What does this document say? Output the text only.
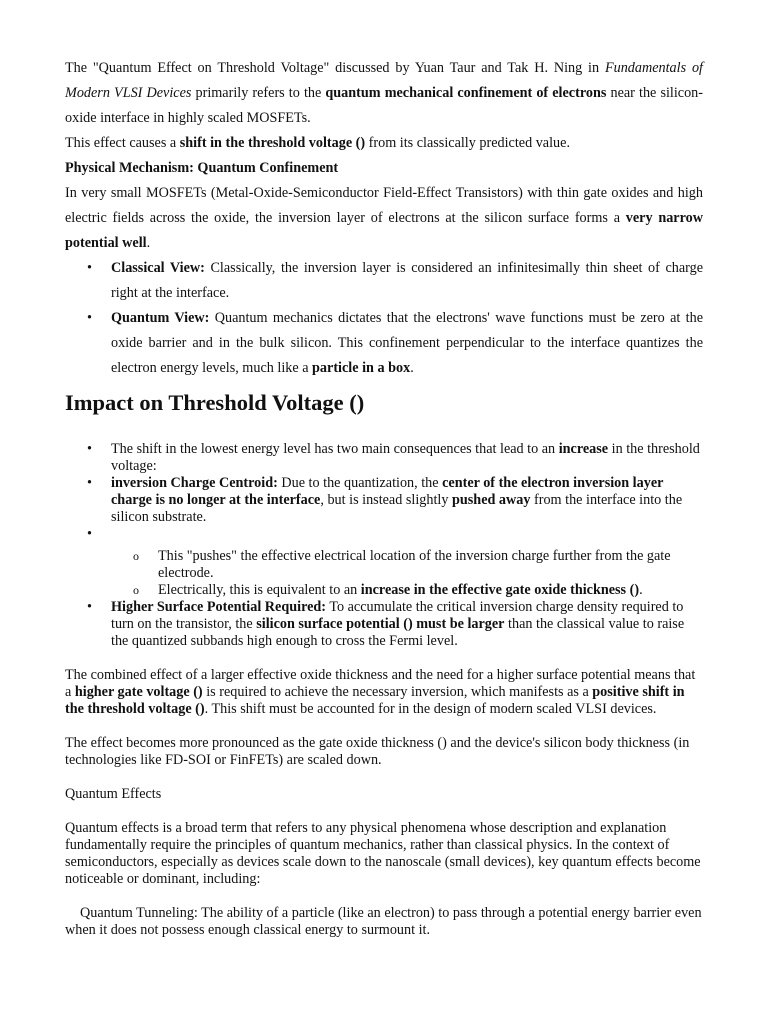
The "Quantum Effect on Threshold Voltage" discussed by Yuan Taur and Tak H. Ning in Fundamentals of Modern VLSI Devices primarily refers to the quantum mechanical confinement of electrons near the silicon-oxide interface in highly scaled MOSFETs.

This effect causes a shift in the threshold voltage () from its classically predicted value.

Physical Mechanism: Quantum Confinement

In very small MOSFETs (Metal-Oxide-Semiconductor Field-Effect Transistors) with thin gate oxides and high electric fields across the oxide, the inversion layer of electrons at the silicon surface forms a very narrow potential well.

• Classical View: Classically, the inversion layer is considered an infinitesimally thin sheet of charge right at the interface.
• Quantum View: Quantum mechanics dictates that the electrons' wave functions must be zero at the oxide barrier and in the bulk silicon. This confinement perpendicular to the interface quantizes the electron energy levels, much like a particle in a box.
Impact on Threshold Voltage ()
• The shift in the lowest energy level has two main consequences that lead to an increase in the threshold voltage:
• inversion Charge Centroid: Due to the quantization, the center of the electron inversion layer charge is no longer at the interface, but is instead slightly pushed away from the interface into the silicon substrate.
•

o This "pushes" the effective electrical location of the inversion charge further from the gate electrode.
o Electrically, this is equivalent to an increase in the effective gate oxide thickness ().
• Higher Surface Potential Required: To accumulate the critical inversion charge density required to turn on the transistor, the silicon surface potential () must be larger than the classical value to raise the quantized subbands high enough to cross the Fermi level.

The combined effect of a larger effective oxide thickness and the need for a higher surface potential means that a higher gate voltage () is required to achieve the necessary inversion, which manifests as a positive shift in the threshold voltage (). This shift must be accounted for in the design of modern scaled VLSI devices.

The effect becomes more pronounced as the gate oxide thickness () and the device's silicon body thickness (in technologies like FD-SOI or FinFETs) are scaled down.

Quantum Effects

Quantum effects is a broad term that refers to any physical phenomena whose description and explanation fundamentally require the principles of quantum mechanics, rather than classical physics. In the context of semiconductors, especially as devices scale down to the nanoscale (small devices), key quantum effects become noticeable or dominant, including:

Quantum Tunneling: The ability of a particle (like an electron) to pass through a potential energy barrier even when it does not possess enough classical energy to surmount it.
